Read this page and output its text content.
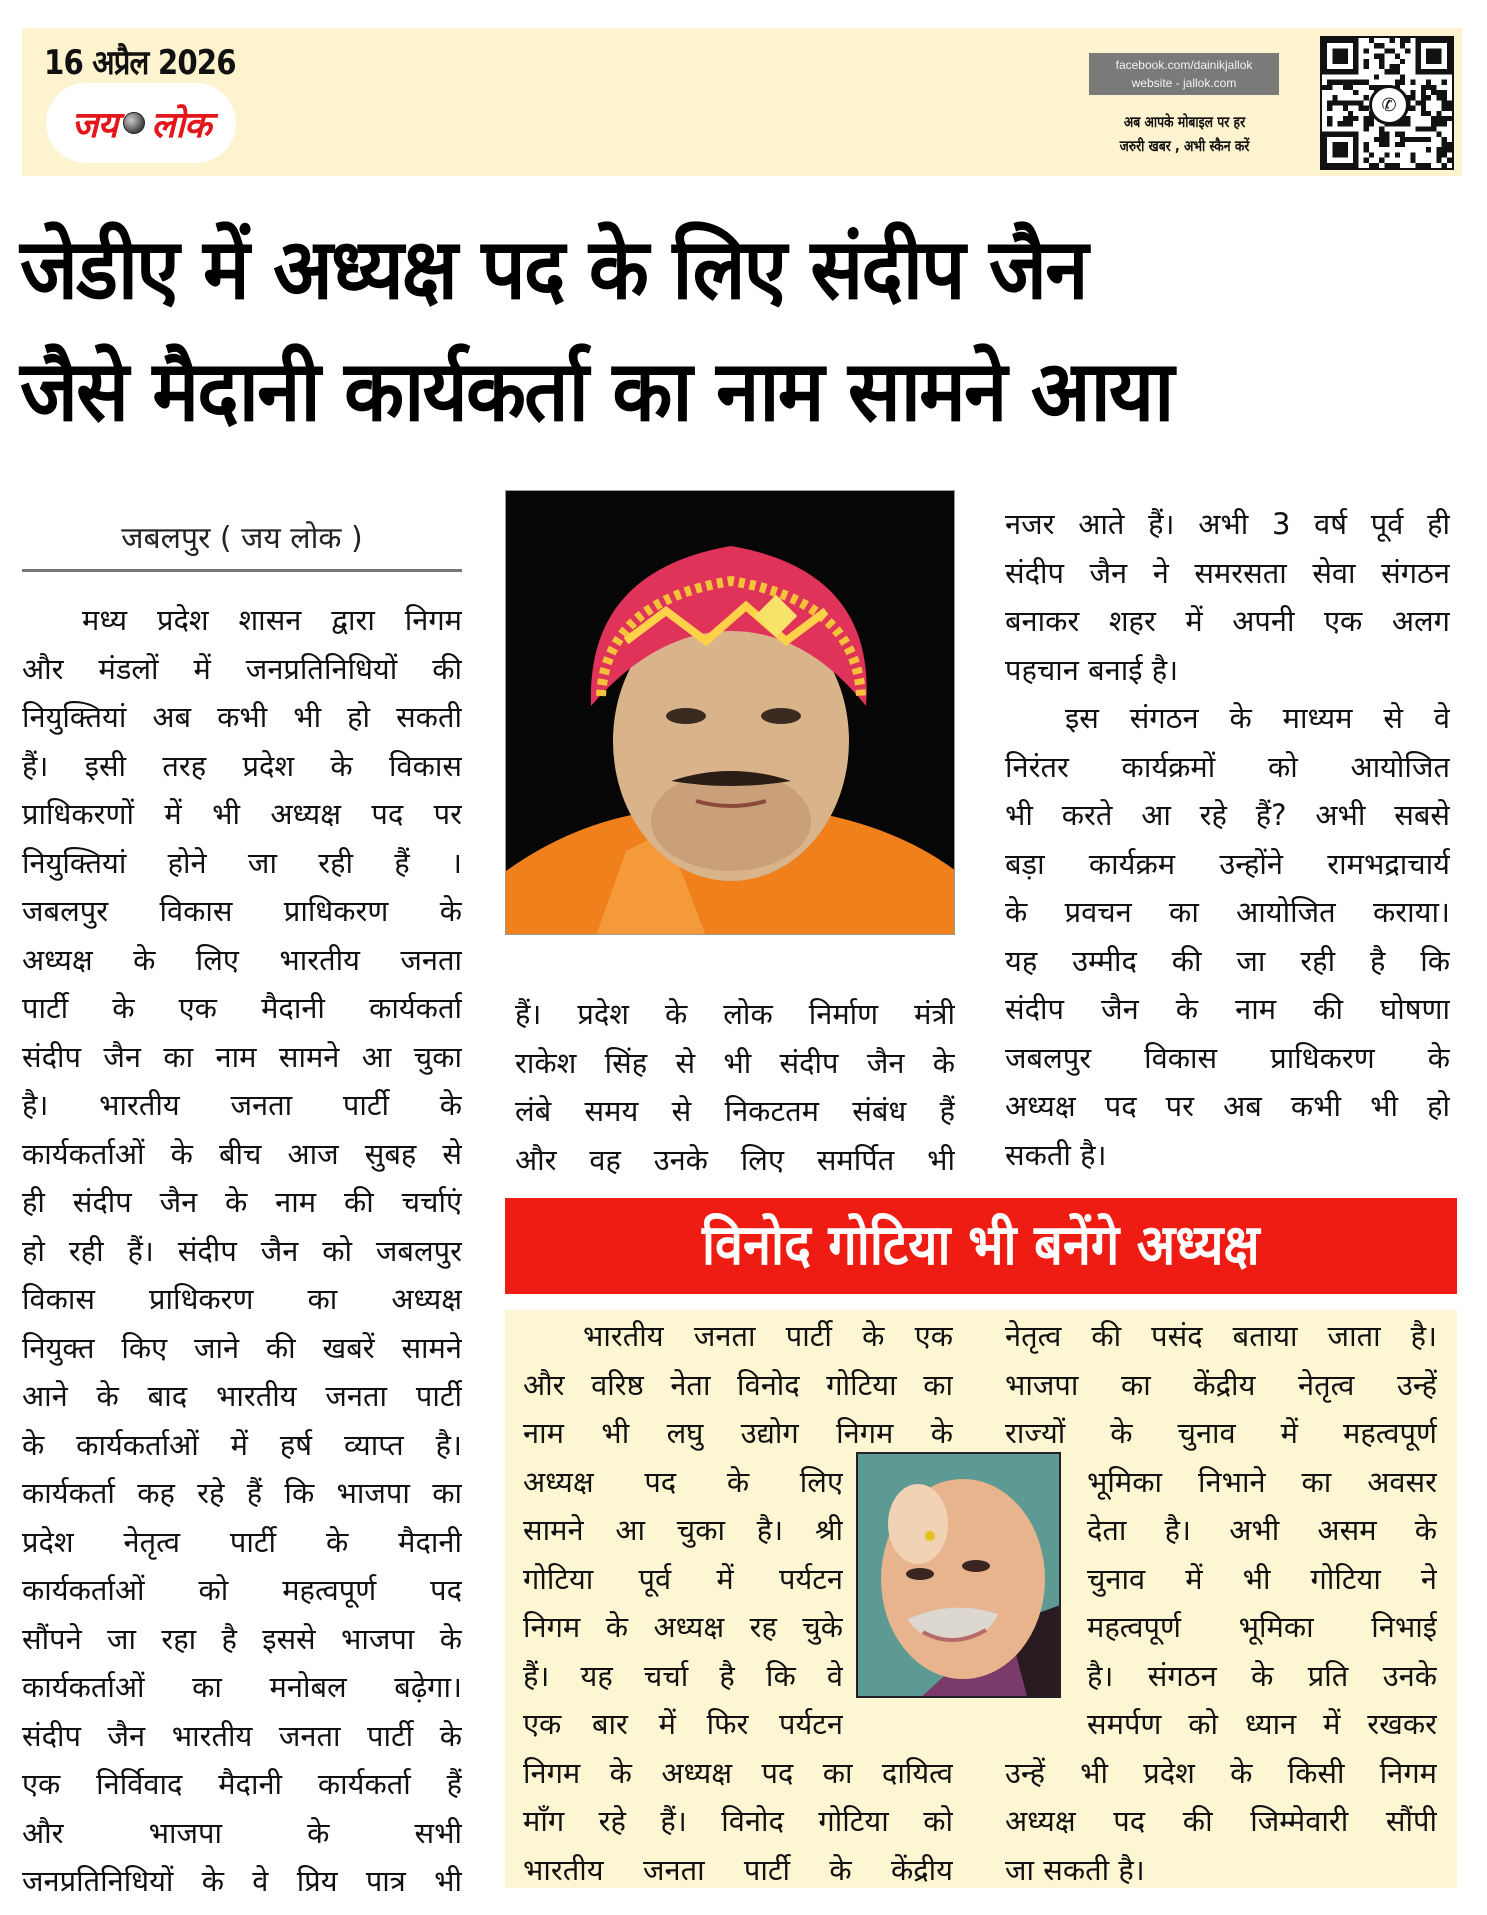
16 अप्रैल 2026
जय लोक
facebook.com/dainikjallok
website - jallok.com
अब आपके मोबाइल पर हर
जरुरी खबर , अभी स्कैन करें
✆
जेडीए में अध्यक्ष पद के लिए संदीप जैन
जैसे मैदानी कार्यकर्ता का नाम सामने आया
जबलपुर ( जय लोक )

मध्य प्रदेश शासन द्वारा निगम

और मंडलों में जनप्रतिनिधियों की

नियुक्तियां अब कभी भी हो सकती

हैं। इसी तरह प्रदेश के विकास

प्राधिकरणों में भी अध्यक्ष पद पर

नियुक्तियां होने जा रही हैं ।

जबलपुर विकास प्राधिकरण के

अध्यक्ष के लिए भारतीय जनता

पार्टी के एक मैदानी कार्यकर्ता

संदीप जैन का नाम सामने आ चुका

है। भारतीय जनता पार्टी के

कार्यकर्ताओं के बीच आज सुबह से

ही संदीप जैन के नाम की चर्चाएं

हो रही हैं। संदीप जैन को जबलपुर

विकास प्राधिकरण का अध्यक्ष

नियुक्त किए जाने की खबरें सामने

आने के बाद भारतीय जनता पार्टी

के कार्यकर्ताओं में हर्ष व्याप्त है।

कार्यकर्ता कह रहे हैं कि भाजपा का

प्रदेश नेतृत्व पार्टी के मैदानी

कार्यकर्ताओं को महत्वपूर्ण पद

सौंपने जा रहा है इससे भाजपा के

कार्यकर्ताओं का मनोबल बढ़ेगा।

संदीप जैन भारतीय जनता पार्टी के

एक निर्विवाद मैदानी कार्यकर्ता हैं

और भाजपा के सभी

जनप्रतिनिधियों के वे प्रिय पात्र भी

हैं। प्रदेश के लोक निर्माण मंत्री

राकेश सिंह से भी संदीप जैन के

लंबे समय से निकटतम संबंध हैं

और वह उनके लिए समर्पित भी

नजर आते हैं। अभी 3 वर्ष पूर्व ही

संदीप जैन ने समरसता सेवा संगठन

बनाकर शहर में अपनी एक अलग

पहचान बनाई है।

इस संगठन के माध्यम से वे

निरंतर कार्यक्रमों को आयोजित

भी करते आ रहे हैं? अभी सबसे

बड़ा कार्यक्रम उन्होंने रामभद्राचार्य

के प्रवचन का आयोजित कराया।

यह उम्मीद की जा रही है कि

संदीप जैन के नाम की घोषणा

जबलपुर विकास प्राधिकरण के

अध्यक्ष पद पर अब कभी भी हो

सकती है।

विनोद गोटिया भी बनेंगे अध्यक्ष

भारतीय जनता पार्टी के एक

और वरिष्ठ नेता विनोद गोटिया का

नाम भी लघु उद्योग निगम के

अध्यक्ष पद के लिए

सामने आ चुका है। श्री

गोटिया पूर्व में पर्यटन

निगम के अध्यक्ष रह चुके

हैं। यह चर्चा है कि वे

एक बार में फिर पर्यटन

निगम के अध्यक्ष पद का दायित्व

माँग रहे हैं। विनोद गोटिया को

भारतीय जनता पार्टी के केंद्रीय

नेतृत्व की पसंद बताया जाता है।

भाजपा का केंद्रीय नेतृत्व उन्हें

राज्यों के चुनाव में महत्वपूर्ण

भूमिका निभाने का अवसर

देता है। अभी असम के

चुनाव में भी गोटिया ने

महत्वपूर्ण भूमिका निभाई

है। संगठन के प्रति उनके

समर्पण को ध्यान में रखकर

उन्हें भी प्रदेश के किसी निगम

अध्यक्ष पद की जिम्मेवारी सौंपी

जा सकती है।
